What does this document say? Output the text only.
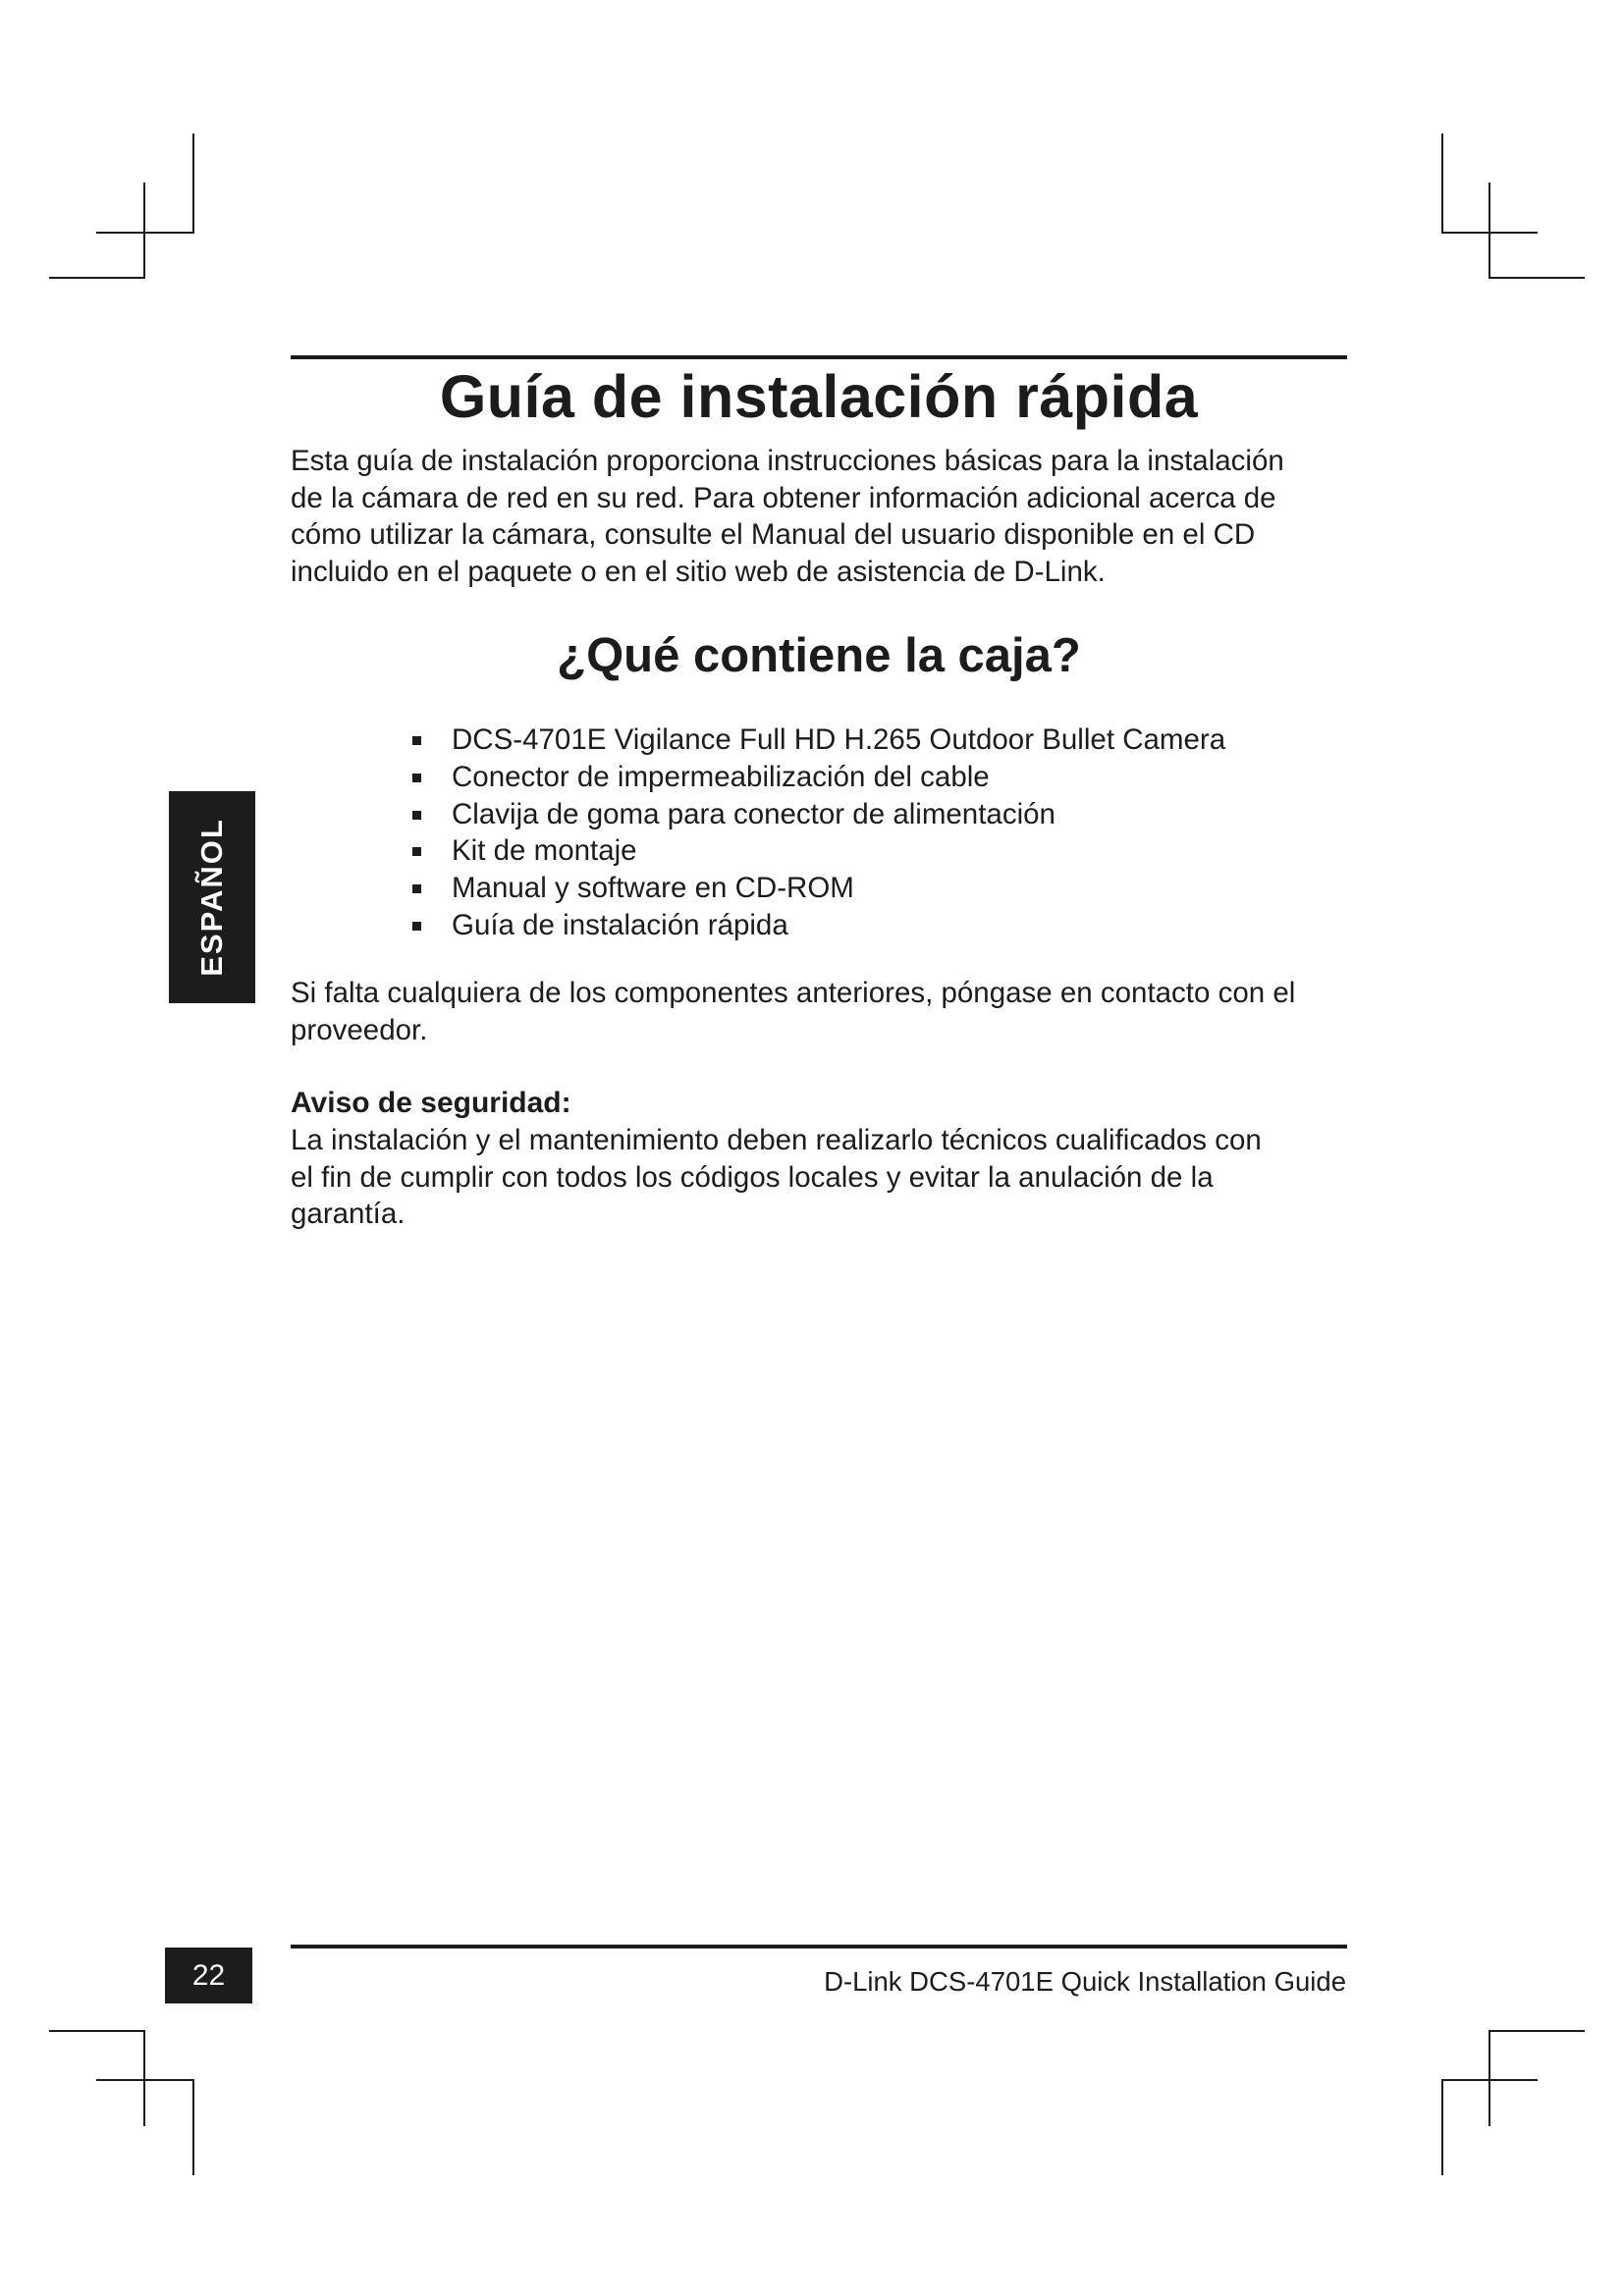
Guía de instalación rápida

Esta guía de instalación proporciona instrucciones básicas para la instalación
de la cámara de red en su red. Para obtener información adicional acerca de
cómo utilizar la cámara, consulte el Manual del usuario disponible en el CD
incluido en el paquete o en el sitio web de asistencia de D-Link.

¿Qué contiene la caja?
DCS-4701E Vigilance Full HD H.265 Outdoor Bullet Camera
Conector de impermeabilización del cable
Clavija de goma para conector de alimentación
Kit de montaje
Manual y software en CD-ROM
Guía de instalación rápida

Si falta cualquiera de los componentes anteriores, póngase en contacto con el
proveedor.

Aviso de seguridad:

La instalación y el mantenimiento deben realizarlo técnicos cualificados con
el fin de cumplir con todos los códigos locales y evitar la anulación de la
garantía.

ESPAÑOL
22	D-Link DCS-4701E Quick Installation Guide
